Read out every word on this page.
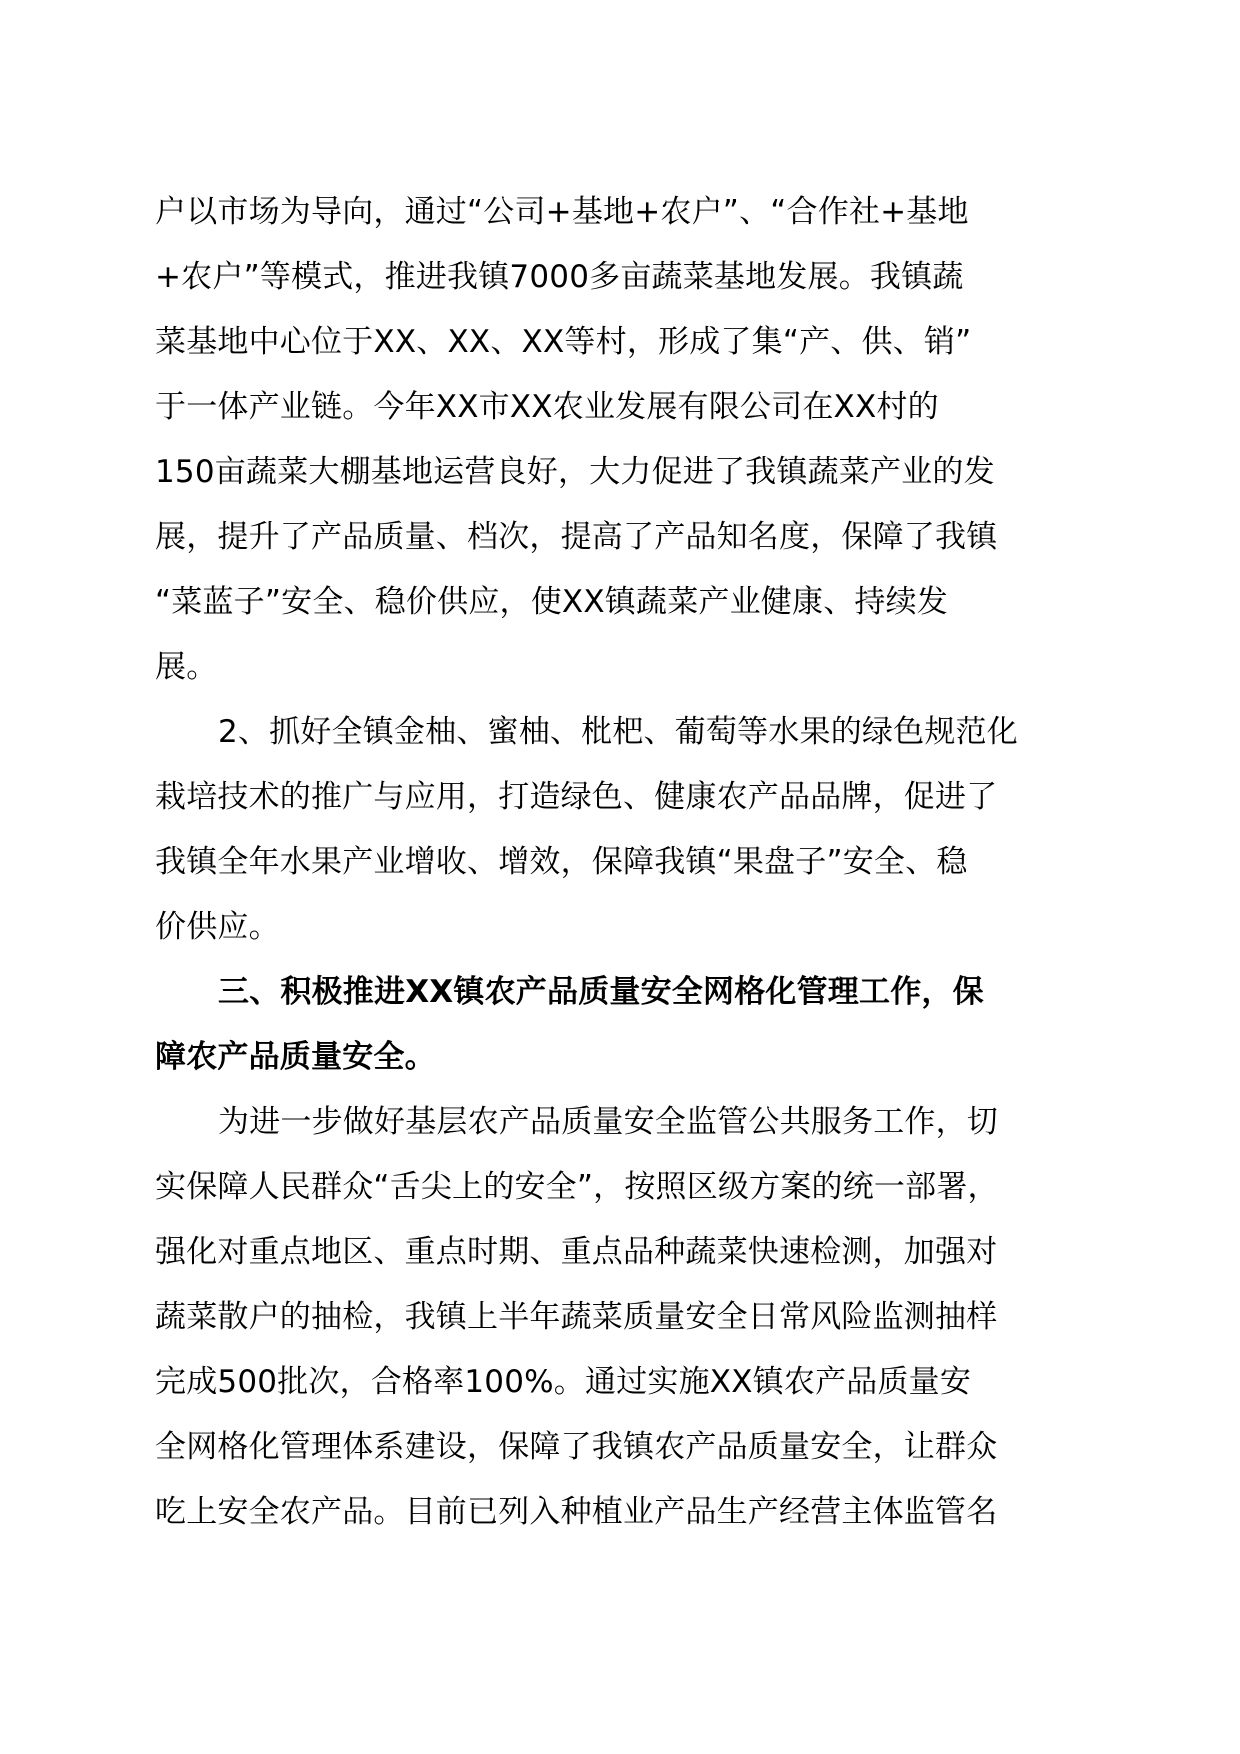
户以市场为导向，通过“公司+基地+农户”、“合作社+基地
+农户”等模式，推进我镇7000多亩蔬菜基地发展。我镇蔬
菜基地中心位于XX、XX、XX等村，形成了集“产、供、销”
于一体产业链。今年XX市XX农业发展有限公司在XX村的
150亩蔬菜大棚基地运营良好，大力促进了我镇蔬菜产业的发
展，提升了产品质量、档次，提高了产品知名度，保障了我镇
“菜蓝子”安全、稳价供应，使XX镇蔬菜产业健康、持续发
展。
2、抓好全镇金柚、蜜柚、枇杷、葡萄等水果的绿色规范化
栽培技术的推广与应用，打造绿色、健康农产品品牌，促进了
我镇全年水果产业增收、增效，保障我镇“果盘子”安全、稳
价供应。
三、积极推进XX镇农产品质量安全网格化管理工作，保
障农产品质量安全。
为进一步做好基层农产品质量安全监管公共服务工作，切
实保障人民群众“舌尖上的安全”，按照区级方案的统一部署，
强化对重点地区、重点时期、重点品种蔬菜快速检测，加强对
蔬菜散户的抽检，我镇上半年蔬菜质量安全日常风险监测抽样
完成500批次，合格率100%。通过实施XX镇农产品质量安
全网格化管理体系建设，保障了我镇农产品质量安全，让群众
吃上安全农产品。目前已列入种植业产品生产经营主体监管名
